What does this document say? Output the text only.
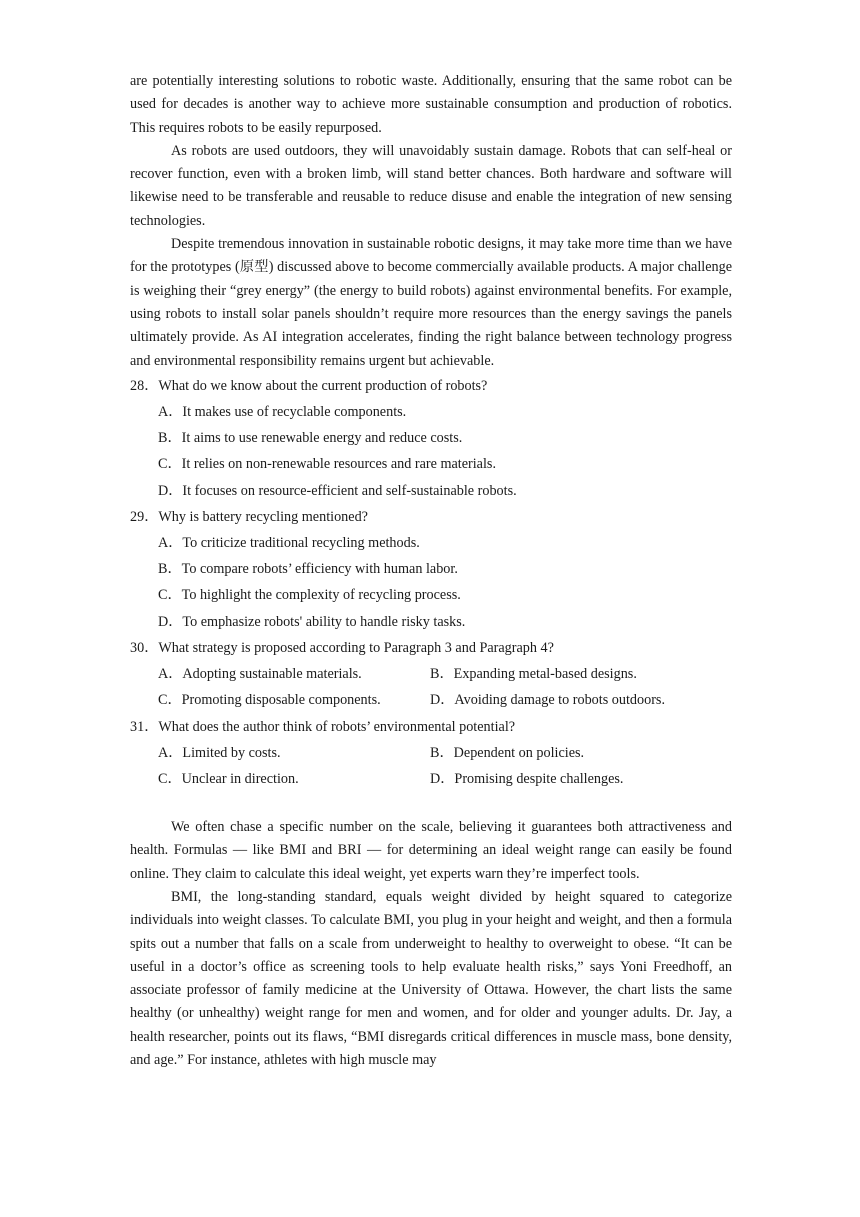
are potentially interesting solutions to robotic waste. Additionally, ensuring that the same robot can be used for decades is another way to achieve more sustainable consumption and production of robotics. This requires robots to be easily repurposed.

As robots are used outdoors, they will unavoidably sustain damage. Robots that can self-heal or recover function, even with a broken limb, will stand better chances. Both hardware and software will likewise need to be transferable and reusable to reduce disuse and enable the integration of new sensing technologies.

Despite tremendous innovation in sustainable robotic designs, it may take more time than we have for the prototypes (原型) discussed above to become commercially available products. A major challenge is weighing their “grey energy” (the energy to build robots) against environmental benefits. For example, using robots to install solar panels shouldn’t require more resources than the energy savings the panels ultimately provide. As AI integration accelerates, finding the right balance between technology progress and environmental responsibility remains urgent but achievable.

28．What do we know about the current production of robots?

A．It makes use of recyclable components.

B．It aims to use renewable energy and reduce costs.

C．It relies on non-renewable resources and rare materials.

D．It focuses on resource-efficient and self-sustainable robots.

29．Why is battery recycling mentioned?

A．To criticize traditional recycling methods.

B．To compare robots’ efficiency with human labor.

C．To highlight the complexity of recycling process.

D．To emphasize robots' ability to handle risky tasks.

30．What strategy is proposed according to Paragraph 3 and Paragraph 4?

A．Adopting sustainable materials.	B．Expanding metal-based designs.
C．Promoting disposable components.	D．Avoiding damage to robots outdoors.

31．What does the author think of robots’ environmental potential?

A．Limited by costs.	B．Dependent on policies.
C．Unclear in direction.	D．Promising despite challenges.

We often chase a specific number on the scale, believing it guarantees both attractiveness and health. Formulas — like BMI and BRI — for determining an ideal weight range can easily be found online. They claim to calculate this ideal weight, yet experts warn they’re imperfect tools.

BMI, the long-standing standard, equals weight divided by height squared to categorize individuals into weight classes. To calculate BMI, you plug in your height and weight, and then a formula spits out a number that falls on a scale from underweight to healthy to overweight to obese. “It can be useful in a doctor’s office as screening tools to help evaluate health risks,” says Yoni Freedhoff, an associate professor of family medicine at the University of Ottawa. However, the chart lists the same healthy (or unhealthy) weight range for men and women, and for older and younger adults. Dr. Jay, a health researcher, points out its flaws, “BMI disregards critical differences in muscle mass, bone density, and age.” For instance, athletes with high muscle may
